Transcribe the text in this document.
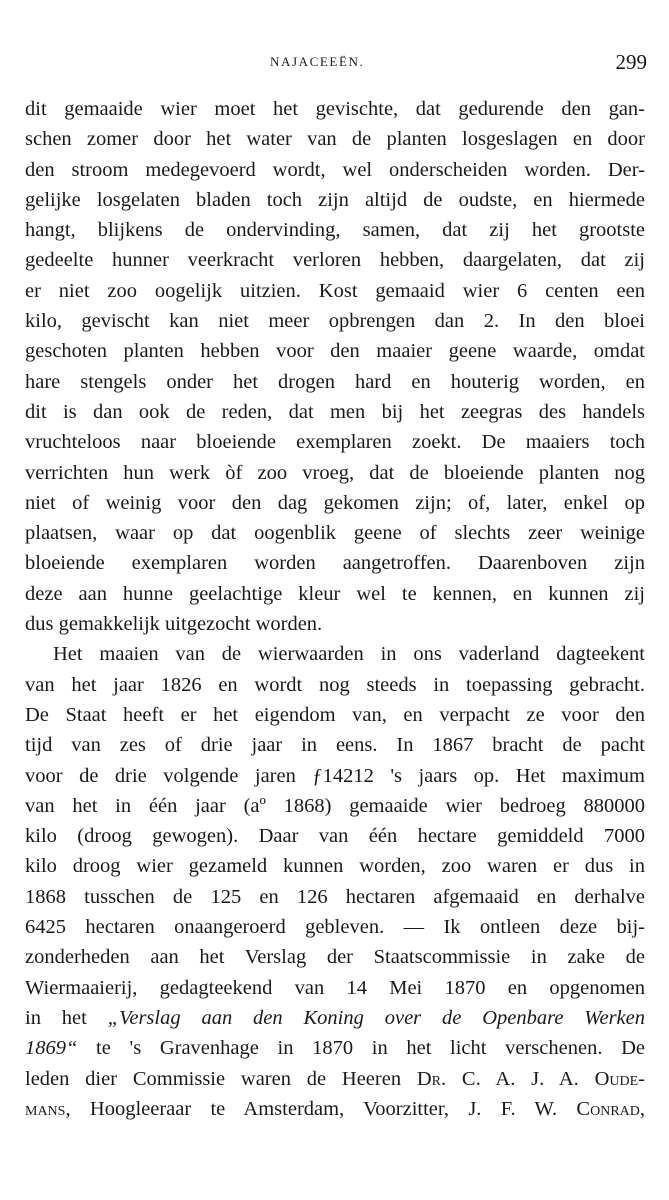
NAJACEEËN.	299
dit gemaaide wier moet het gevischte, dat gedurende den gan-
schen zomer door het water van de planten losgeslagen en door
den stroom medegevoerd wordt, wel onderscheiden worden. Der-
gelijke losgelaten bladen toch zijn altijd de oudste, en hiermede
hangt, blijkens de ondervinding, samen, dat zij het grootste
gedeelte hunner veerkracht verloren hebben, daargelaten, dat zij
er niet zoo oogelijk uitzien. Kost gemaaid wier 6 centen een
kilo, gevischt kan niet meer opbrengen dan 2. In den bloei
geschoten planten hebben voor den maaier geene waarde, omdat
hare stengels onder het drogen hard en houterig worden, en
dit is dan ook de reden, dat men bij het zeegras des handels
vruchteloos naar bloeiende exemplaren zoekt. De maaiers toch
verrichten hun werk òf zoo vroeg, dat de bloeiende planten nog
niet of weinig voor den dag gekomen zijn; of, later, enkel op
plaatsen, waar op dat oogenblik geene of slechts zeer weinige
bloeiende exemplaren worden aangetroffen. Daarenboven zijn
deze aan hunne geelachtige kleur wel te kennen, en kunnen zij
dus gemakkelijk uitgezocht worden.
Het maaien van de wierwaarden in ons vaderland dagteekent
van het jaar 1826 en wordt nog steeds in toepassing gebracht.
De Staat heeft er het eigendom van, en verpacht ze voor den
tijd van zes of drie jaar in eens. In 1867 bracht de pacht
voor de drie volgende jaren ƒ14212 's jaars op. Het maximum
van het in één jaar (aº 1868) gemaaide wier bedroeg 880000
kilo (droog gewogen). Daar van één hectare gemiddeld 7000
kilo droog wier gezameld kunnen worden, zoo waren er dus in
1868 tusschen de 125 en 126 hectaren afgemaaid en derhalve
6425 hectaren onaangeroerd gebleven. — Ik ontleen deze bij-
zonderheden aan het Verslag der Staatscommissie in zake de
Wiermaaierij, gedagteekend van 14 Mei 1870 en opgenomen
in het „Verslag aan den Koning over de Openbare Werken
1869“ te 's Gravenhage in 1870 in het licht verschenen. De
leden dier Commissie waren de Heeren Dr. C. A. J. A. Oude-
mans, Hoogleeraar te Amsterdam, Voorzitter, J. F. W. Conrad,
